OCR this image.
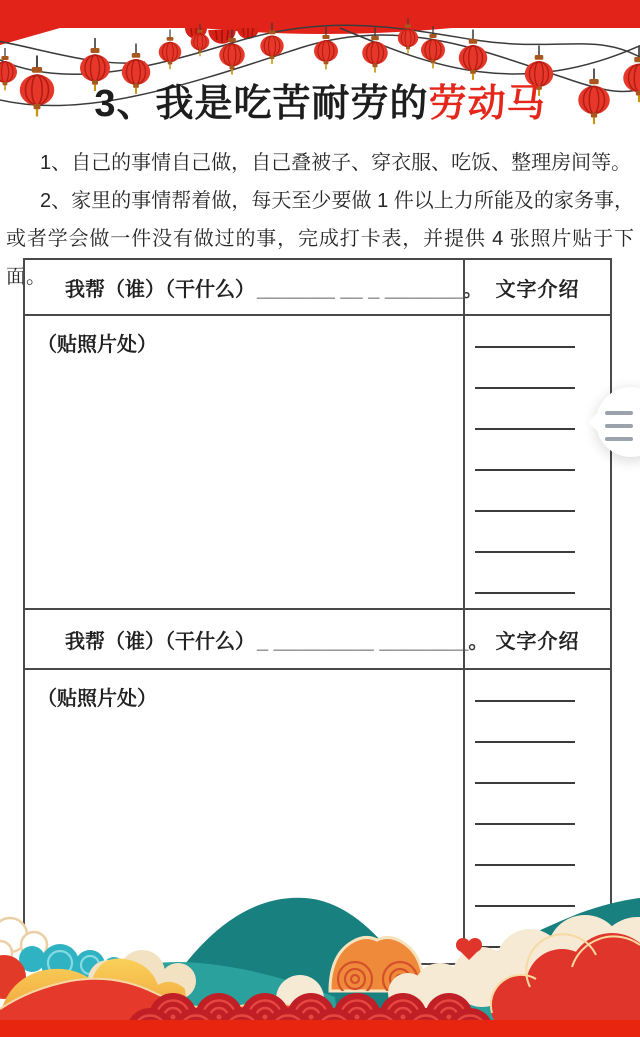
3、我是吃苦耐劳的劳动马

1、自己的事情自己做，自己叠被子、穿衣服、吃饭、整理房间等。

2、家里的事情帮着做，每天至少要做 1 件以上力所能及的家务事，或者学会做一件没有做过的事，完成打卡表，并提供 4 张照片贴于下面。

我帮（谁）（干什么） _______ __ _ _______。 文字介绍
（贴照片处）
我帮（谁）（干什么） _ _________ ________。 文字介绍
（贴照片处）
